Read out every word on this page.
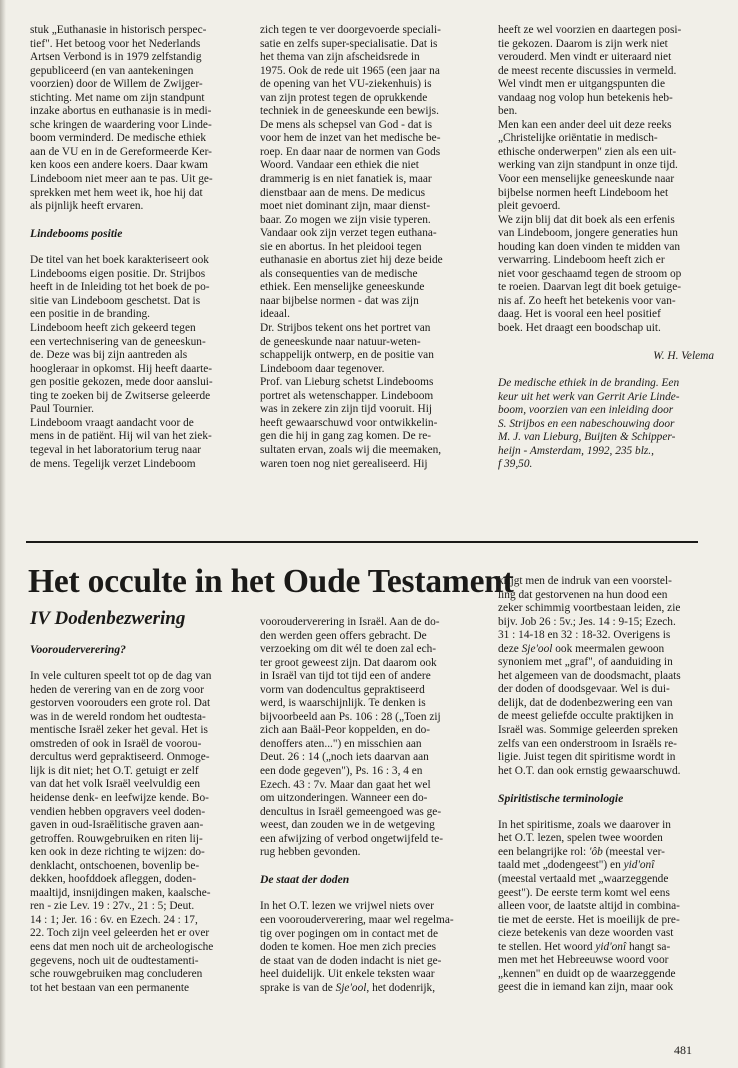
stuk „Euthanasie in historisch perspec-
tief". Het betoog voor het Nederlands
Artsen Verbond is in 1979 zelfstandig
gepubliceerd (en van aantekeningen
voorzien) door de Willem de Zwijger-
stichting. Met name om zijn standpunt
inzake abortus en euthanasie is in medi-
sche kringen de waardering voor Linde-
boom verminderd. De medische ethiek
aan de VU en in de Gereformeerde Ker-
ken koos een andere koers. Daar kwam
Lindeboom niet meer aan te pas. Uit ge-
sprekken met hem weet ik, hoe hij dat
als pijnlijk heeft ervaren.

Lindebooms positie

De titel van het boek karakteriseert ook
Lindebooms eigen positie. Dr. Strijbos
heeft in de Inleiding tot het boek de po-
sitie van Lindeboom geschetst. Dat is
een positie in de branding.
Lindeboom heeft zich gekeerd tegen
een vertechnisering van de geneeskun-
de. Deze was bij zijn aantreden als
hoogleraar in opkomst. Hij heeft daarte-
gen positie gekozen, mede door aanslui-
ting te zoeken bij de Zwitserse geleerde
Paul Tournier.
Lindeboom vraagt aandacht voor de
mens in de patiënt. Hij wil van het ziek-
tegeval in het laboratorium terug naar
de mens. Tegelijk verzet Lindeboom
zich tegen te ver doorgevoerde speciali-
satie en zelfs super-specialisatie. Dat is
het thema van zijn afscheidsrede in
1975. Ook de rede uit 1965 (een jaar na
de opening van het VU-ziekenhuis) is
van zijn protest tegen de oprukkende
techniek in de geneeskunde een bewijs.
De mens als schepsel van God - dat is
voor hem de inzet van het medische be-
roep. En daar naar de normen van Gods
Woord. Vandaar een ethiek die niet
drammerig is en niet fanatiek is, maar
dienstbaar aan de mens. De medicus
moet niet dominant zijn, maar dienst-
baar. Zo mogen we zijn visie typeren.
Vandaar ook zijn verzet tegen euthana-
sie en abortus. In het pleidooi tegen
euthanasie en abortus ziet hij deze beide
als consequenties van de medische
ethiek. Een menselijke geneeskunde
naar bijbelse normen - dat was zijn
ideaal.
Dr. Strijbos tekent ons het portret van
de geneeskunde naar natuur-weten-
schappelijk ontwerp, en de positie van
Lindeboom daar tegenover.
Prof. van Lieburg schetst Lindebooms
portret als wetenschapper. Lindeboom
was in zekere zin zijn tijd vooruit. Hij
heeft gewaarschuwd voor ontwikkelin-
gen die hij in gang zag komen. De re-
sultaten ervan, zoals wij die meemaken,
waren toen nog niet gerealiseerd. Hij
heeft ze wel voorzien en daartegen posi-
tie gekozen. Daarom is zijn werk niet
verouderd. Men vindt er uiteraard niet
de meest recente discussies in vermeld.
Wel vindt men er uitgangspunten die
vandaag nog volop hun betekenis heb-
ben.
Men kan een ander deel uit deze reeks
„Christelijke oriëntatie in medisch-
ethische onderwerpen" zien als een uit-
werking van zijn standpunt in onze tijd.
Voor een menselijke geneeskunde naar
bijbelse normen heeft Lindeboom het
pleit gevoerd.
We zijn blij dat dit boek als een erfenis
van Lindeboom, jongere generaties hun
houding kan doen vinden te midden van
verwarring. Lindeboom heeft zich er
niet voor geschaamd tegen de stroom op
te roeien. Daarvan legt dit boek getuige-
nis af. Zo heeft het betekenis voor van-
daag. Het is vooral een heel positief
boek. Het draagt een boodschap uit.

W. H. Velema

De medische ethiek in de branding. Een
keur uit het werk van Gerrit Arie Linde-
boom, voorzien van een inleiding door
S. Strijbos en een nabeschouwing door
M. J. van Lieburg, Buijten & Schipper-
heijn - Amsterdam, 1992, 235 blz.,
f 39,50.
Het occulte in het Oude Testament
IV Dodenbezwering

Voorouderverering?

In vele culturen speelt tot op de dag van
heden de verering van en de zorg voor
gestorven voorouders een grote rol. Dat
was in de wereld rondom het oudtesta-
mentische Israël zeker het geval. Het is
omstreden of ook in Israël de voorou-
dercultus werd gepraktiseerd. Onmoge-
lijk is dit niet; het O.T. getuigt er zelf
van dat het volk Israël veelvuldig een
heidense denk- en leefwijze kende. Bo-
vendien hebben opgravers veel doden-
gaven in oud-Israëlitische graven aan-
getroffen. Rouwgebruiken en riten lij-
ken ook in deze richting te wijzen: do-
denklacht, ontschoenen, bovenlip be-
dekken, hoofddoek afleggen, doden-
maaltijd, insnijdingen maken, kaalsche-
ren - zie Lev. 19 : 27v., 21 : 5; Deut.
14 : 1; Jer. 16 : 6v. en Ezech. 24 : 17,
22. Toch zijn veel geleerden het er over
eens dat men noch uit de archeologische
gegevens, noch uit de oudtestamenti-
sche rouwgebruiken mag concluderen
tot het bestaan van een permanente
voorouderverering in Israël. Aan de do-
den werden geen offers gebracht. De
verzoeking om dit wél te doen zal ech-
ter groot geweest zijn. Dat daarom ook
in Israël van tijd tot tijd een of andere
vorm van dodencultus gepraktiseerd
werd, is waarschijnlijk. Te denken is
bijvoorbeeld aan Ps. 106 : 28 („Toen zij
zich aan Baäl-Peor koppelden, en do-
denoffers aten...") en misschien aan
Deut. 26 : 14 („noch iets daarvan aan
een dode gegeven"), Ps. 16 : 3, 4 en
Ezech. 43 : 7v. Maar dan gaat het wel
om uitzonderingen. Wanneer een do-
dencultus in Israël gemeengoed was ge-
weest, dan zouden we in de wetgeving
een afwijzing of verbod ongetwijfeld te-
rug hebben gevonden.

De staat der doden

In het O.T. lezen we vrijwel niets over
een voorouderverering, maar wel regelma-
tig over pogingen om in contact met de
doden te komen. Hoe men zich precies
de staat van de doden indacht is niet ge-
heel duidelijk. Uit enkele teksten waar

sprake is van de Sje'ool, het dodenrijk,

krijgt men de indruk van een voorstel-
ling dat gestorvenen na hun dood een
zeker schimmig voortbestaan leiden, zie
bijv. Job 26 : 5v.; Jes. 14 : 9-15; Ezech.
31 : 14-18 en 32 : 18-32. Overigens is

deze Sje'ool ook meermalen gewoon

synoniem met „graf", of aanduiding in
het algemeen van de doodsmacht, plaats
der doden of doodsgevaar. Wel is dui-
delijk, dat de dodenbezwering een van
de meest geliefde occulte praktijken in
Israël was. Sommige geleerden spreken
zelfs van een onderstroom in Israëls re-
ligie. Juist tegen dit spiritisme wordt in
het O.T. dan ook ernstig gewaarschuwd.

Spiritistische terminologie

In het spiritisme, zoals we daarover in

het O.T. lezen, spelen twee woorden

een belangrijke rol: 'ôb (meestal ver-

taald met „dodengeest") en yid'onî

(meestal vertaald met „waarzeggende

geest"). De eerste term komt wel eens

alleen voor, de laatste altijd in combina-

tie met de eerste. Het is moeilijk de pre-

cieze betekenis van deze woorden vast

te stellen. Het woord yid'onî hangt sa-

men met het Hebreeuwse woord voor

„kennen" en duidt op de waarzeggende

geest die in iemand kan zijn, maar ook

481
